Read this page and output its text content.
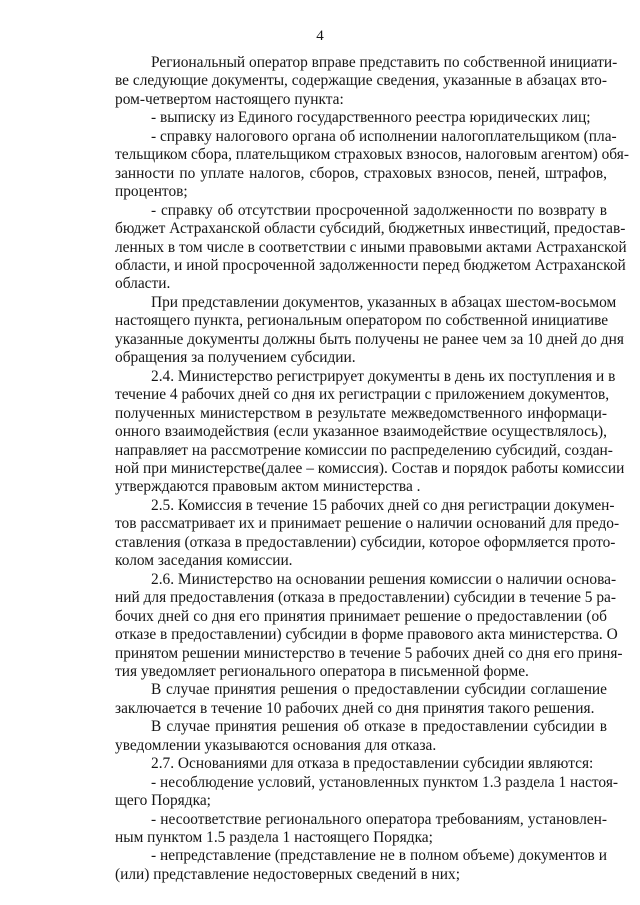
4
Региональный оператор вправе представить по собственной инициати-
ве следующие документы, содержащие сведения, указанные в абзацах вто-
ром-четвертом настоящего пункта:
- выписку из Единого государственного реестра юридических лиц;
- справку налогового органа об исполнении налогоплательщиком (пла-
тельщиком сбора, плательщиком страховых взносов, налоговым агентом) обя-
занности по уплате налогов, сборов, страховых взносов, пеней, штрафов,
процентов;
- справку об отсутствии просроченной задолженности по возврату в
бюджет Астраханской области субсидий, бюджетных инвестиций, предостав-
ленных в том числе в соответствии с иными правовыми актами Астраханской
области, и иной просроченной задолженности перед бюджетом Астраханской
области.
При представлении документов, указанных в абзацах шестом-восьмом
настоящего пункта, региональным оператором по собственной инициативе
указанные документы должны быть получены не ранее чем за 10 дней до дня
обращения за получением субсидии.
2.4. Министерство регистрирует документы в день их поступления и в
течение 4 рабочих дней со дня их регистрации с приложением документов,
полученных министерством в результате межведомственного информаци-
онного взаимодействия (если указанное взаимодействие осуществлялось),
направляет на рассмотрение комиссии по распределению субсидий, создан-
ной при министерстве(далее – комиссия). Состав и порядок работы комиссии
утверждаются правовым актом министерства .
2.5. Комиссия в течение 15 рабочих дней со дня регистрации докумен-
тов рассматривает их и принимает решение о наличии оснований для предо-
ставления (отказа в предоставлении) субсидии, которое оформляется прото-
колом заседания комиссии.
2.6. Министерство на основании решения комиссии о наличии основа-
ний для предоставления (отказа в предоставлении) субсидии в течение 5 ра-
бочих дней со дня его принятия принимает решение о предоставлении (об
отказе в предоставлении) субсидии в форме правового акта министерства. О
принятом решении министерство в течение 5 рабочих дней со дня его приня-
тия уведомляет регионального оператора в письменной форме.
В случае принятия решения о предоставлении субсидии соглашение
заключается в течение 10 рабочих дней со дня принятия такого решения.
В случае принятия решения об отказе в предоставлении субсидии в
уведомлении указываются основания для отказа.
2.7. Основаниями для отказа в предоставлении субсидии являются:
- несоблюдение условий, установленных пунктом 1.3 раздела 1 настоя-
щего Порядка;
- несоответствие регионального оператора требованиям, установлен-
ным пунктом 1.5 раздела 1 настоящего Порядка;
- непредставление (представление не в полном объеме) документов и
(или) представление недостоверных сведений в них;
